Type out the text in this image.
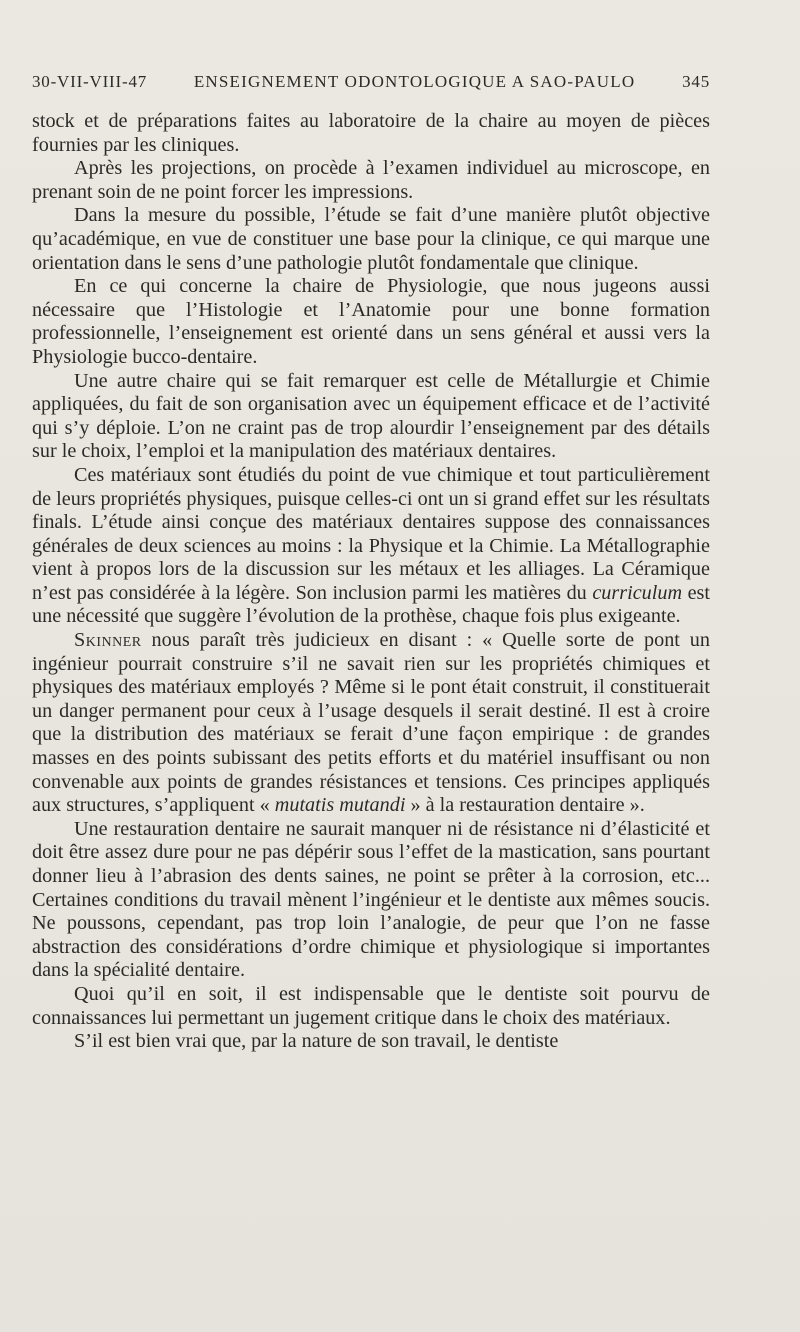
30-VII-VIII-47	ENSEIGNEMENT ODONTOLOGIQUE A SAO-PAULO	345

stock et de préparations faites au laboratoire de la chaire au moyen de pièces fournies par les cliniques.

Après les projections, on procède à l’examen individuel au microscope, en prenant soin de ne point forcer les impressions.

Dans la mesure du possible, l’étude se fait d’une manière plutôt objective qu’académique, en vue de constituer une base pour la clinique, ce qui marque une orientation dans le sens d’une pathologie plutôt fondamentale que clinique.

En ce qui concerne la chaire de Physiologie, que nous jugeons aussi nécessaire que l’Histologie et l’Anatomie pour une bonne formation professionnelle, l’enseignement est orienté dans un sens général et aussi vers la Physiologie bucco-dentaire.

Une autre chaire qui se fait remarquer est celle de Métallurgie et Chimie appliquées, du fait de son organisation avec un équipement efficace et de l’activité qui s’y déploie. L’on ne craint pas de trop alourdir l’enseignement par des détails sur le choix, l’emploi et la manipulation des matériaux dentaires.

Ces matériaux sont étudiés du point de vue chimique et tout particulièrement de leurs propriétés physiques, puisque celles-ci ont un si grand effet sur les résultats finals. L’étude ainsi conçue des matériaux dentaires suppose des connaissances générales de deux sciences au moins : la Physique et la Chimie. La Métallographie vient à propos lors de la discussion sur les métaux et les alliages. La Céramique n’est pas considérée à la légère. Son inclusion parmi les matières du curriculum est une nécessité que suggère l’évolution de la prothèse, chaque fois plus exigeante.

Skinner nous paraît très judicieux en disant : « Quelle sorte de pont un ingénieur pourrait construire s’il ne savait rien sur les propriétés chimiques et physiques des matériaux employés ? Même si le pont était construit, il constituerait un danger permanent pour ceux à l’usage desquels il serait destiné. Il est à croire que la distribution des matériaux se ferait d’une façon empirique : de grandes masses en des points subissant des petits efforts et du matériel insuffisant ou non convenable aux points de grandes résistances et tensions. Ces principes appliqués aux structures, s’appliquent « mutatis mutandi » à la restauration dentaire ».

Une restauration dentaire ne saurait manquer ni de résistance ni d’élasticité et doit être assez dure pour ne pas dépérir sous l’effet de la mastication, sans pourtant donner lieu à l’abrasion des dents saines, ne point se prêter à la corrosion, etc... Certaines conditions du travail mènent l’ingénieur et le dentiste aux mêmes soucis. Ne poussons, cependant, pas trop loin l’analogie, de peur que l’on ne fasse abstraction des considérations d’ordre chimique et physiologique si importantes dans la spécialité dentaire.

Quoi qu’il en soit, il est indispensable que le dentiste soit pourvu de connaissances lui permettant un jugement critique dans le choix des matériaux.

S’il est bien vrai que, par la nature de son travail, le dentiste
